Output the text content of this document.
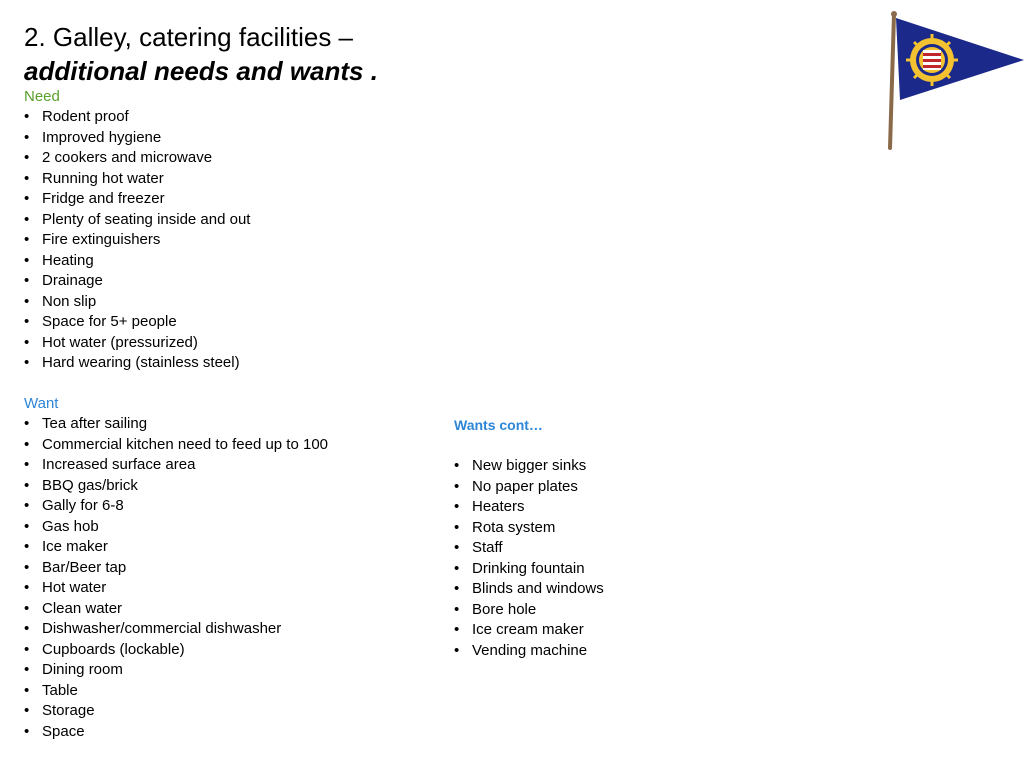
2. Galley, catering facilities –
additional needs and wants .
Need
• Rodent proof
• Improved hygiene
• 2 cookers and microwave
• Running hot water
• Fridge and freezer
• Plenty of seating inside and out
• Fire extinguishers
• Heating
• Drainage
• Non slip
• Space for 5+ people
• Hot water (pressurized)
• Hard wearing (stainless steel)
Want
• Tea after sailing
• Commercial kitchen need to feed up to 100
• Increased surface area
• BBQ gas/brick
• Gally for 6-8
• Gas hob
• Ice maker
• Bar/Beer tap
• Hot water
• Clean water
• Dishwasher/commercial dishwasher
• Cupboards (lockable)
• Dining room
• Table
• Storage
• Space
Wants cont…
• New bigger sinks
• No paper plates
• Heaters
• Rota system
• Staff
• Drinking fountain
• Blinds and windows
• Bore hole
• Ice cream maker
• Vending machine
